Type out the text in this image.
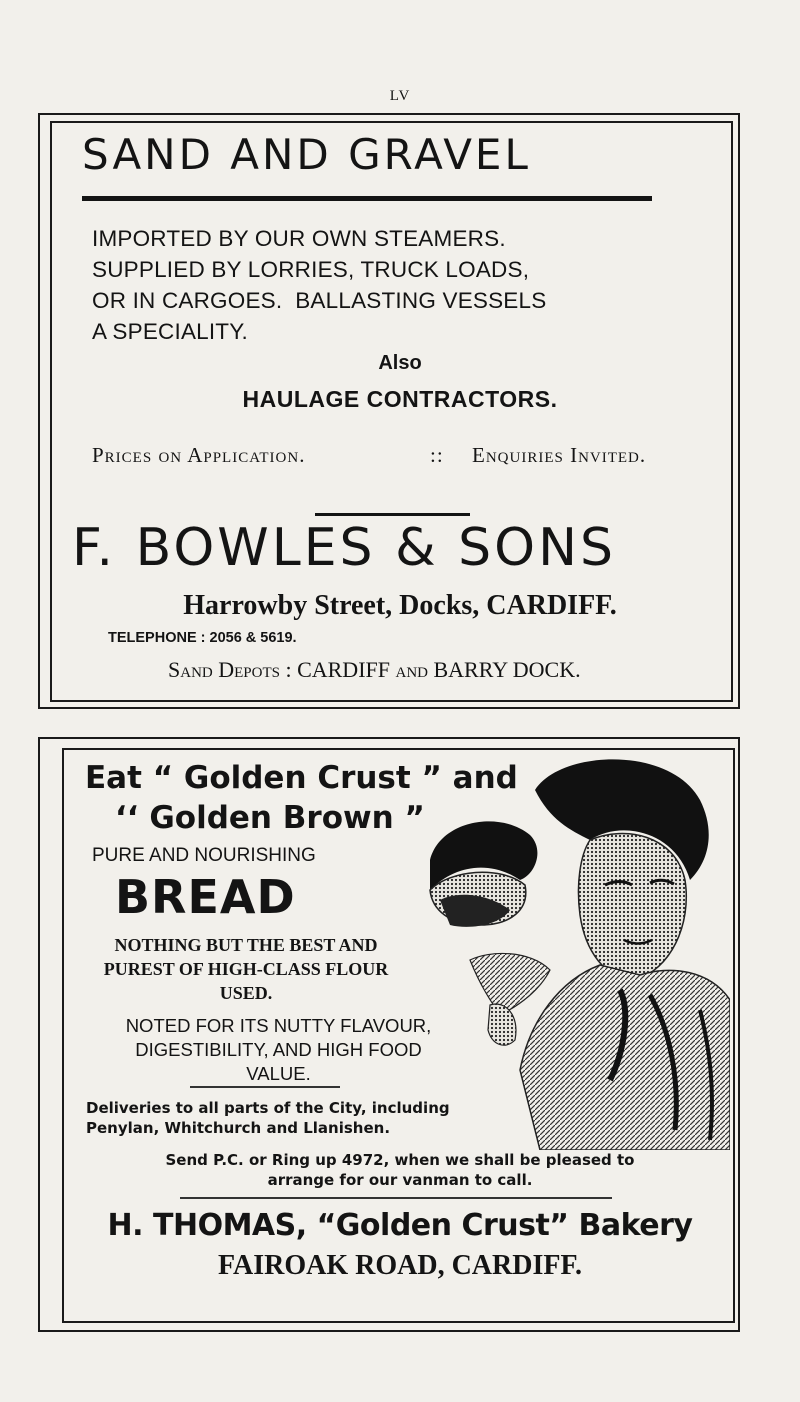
LV
SAND AND GRAVEL
IMPORTED BY OUR OWN STEAMERS.
SUPPLIED BY LORRIES, TRUCK LOADS,
OR IN CARGOES.  BALLASTING VESSELS
A SPECIALITY.
Also
HAULAGE CONTRACTORS.
Prices on Application.	:: Enquiries Invited.
F. BOWLES & SONS
Harrowby Street, Docks, CARDIFF.
TELEPHONE : 2056 & 5619.
Sand Depots : CARDIFF and BARRY DOCK.
Eat “ Golden Crust ” and
‘‘ Golden Brown ”
PURE AND NOURISHING
BREAD
NOTHING BUT THE BEST AND
PUREST OF HIGH-CLASS FLOUR
USED.
NOTED FOR ITS NUTTY FLAVOUR,
DIGESTIBILITY, AND HIGH FOOD
VALUE.
Deliveries to all parts of the City, including
Penylan, Whitchurch and Llanishen.
Send P.C. or Ring up 4972, when we shall be pleased to
arrange for our vanman to call.
H. THOMAS, “Golden Crust” Bakery
FAIROAK ROAD, CARDIFF.
